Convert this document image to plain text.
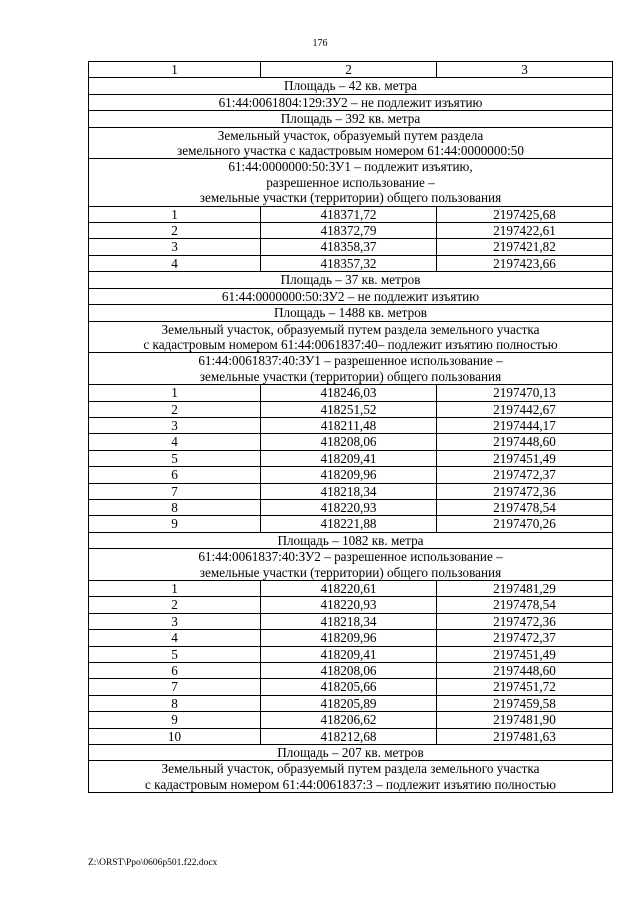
176
1	2	3

Площадь – 42 кв. метра		

61:44:0061804:129:ЗУ2 – не подлежит изъятию		

Площадь – 392 кв. метра		

Земельный участок, образуемый путем раздела
земельного участка с кадастровым номером 61:44:0000000:50		

61:44:0000000:50:ЗУ1 – подлежит изъятию,
разрешенное использование –
земельные участки (территории) общего пользования		

1	418371,72	2197425,68
2	418372,79	2197422,61
3	418358,37	2197421,82
4	418357,32	2197423,66

Площадь – 37 кв. метров		

61:44:0000000:50:ЗУ2 – не подлежит изъятию		

Площадь – 1488 кв. метров		

Земельный участок, образуемый путем раздела земельного участка
с кадастровым номером 61:44:0061837:40– подлежит изъятию полностью		

61:44:0061837:40:ЗУ1 – разрешенное использование –
земельные участки (территории) общего пользования		

1	418246,03	2197470,13
2	418251,52	2197442,67
3	418211,48	2197444,17
4	418208,06	2197448,60
5	418209,41	2197451,49
6	418209,96	2197472,37
7	418218,34	2197472,36
8	418220,93	2197478,54
9	418221,88	2197470,26

Площадь – 1082 кв. метра		

61:44:0061837:40:ЗУ2 – разрешенное использование –
земельные участки (территории) общего пользования		

1	418220,61	2197481,29
2	418220,93	2197478,54
3	418218,34	2197472,36
4	418209,96	2197472,37
5	418209,41	2197451,49
6	418208,06	2197448,60
7	418205,66	2197451,72
8	418205,89	2197459,58
9	418206,62	2197481,90
10	418212,68	2197481,63

Площадь – 207 кв. метров		

Земельный участок, образуемый путем раздела земельного участка
с кадастровым номером 61:44:0061837:3 – подлежит изъятию полностью		
Z:\ORST\Ppo\0606p501.f22.docx
